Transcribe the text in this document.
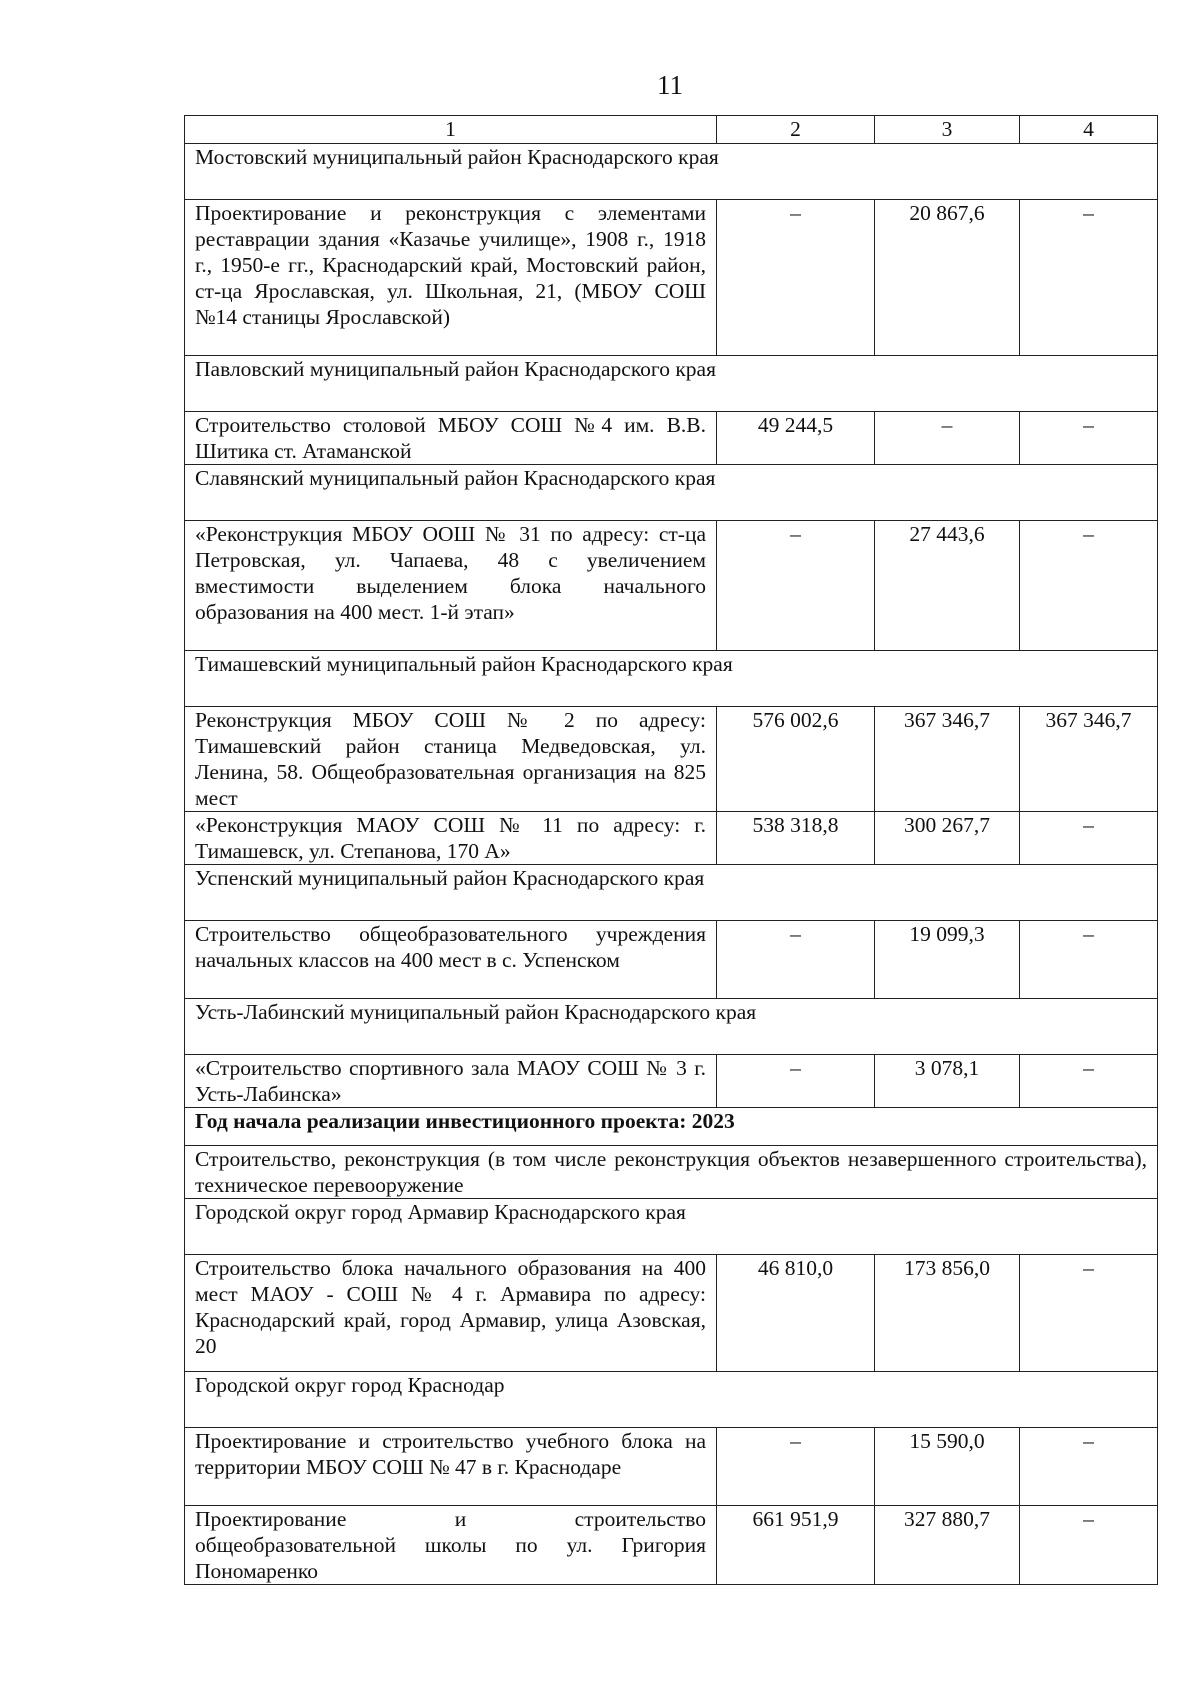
11
1	2	3	4
Мостовский муниципальный район Краснодарского края			
Проектирование и реконструкция с элементами реставрации здания «Казачье училище», 1908 г., 1918 г., 1950-е гг., Краснодарский край, Мостовский район, ст-ца Ярославская, ул. Школьная, 21, (МБОУ СОШ №14 станицы Ярославской)	–	20 867,6	–
Павловский муниципальный район Краснодарского края			
Строительство столовой МБОУ СОШ №4 им. В.В. Шитика ст. Атаманской	49 244,5	–	–
Славянский муниципальный район Краснодарского края			
«Реконструкция МБОУ ООШ № 31 по адресу: ст-ца Петровская, ул. Чапаева, 48 с увеличением вместимости выделением блока начального образования на 400 мест. 1-й этап»	–	27 443,6	–
Тимашевский муниципальный район Краснодарского края			
Реконструкция МБОУ СОШ № 2 по адресу: Тимашевский район станица Медведовская, ул. Ленина, 58. Общеобразовательная организация на 825 мест	576 002,6	367 346,7	367 346,7
«Реконструкция МАОУ СОШ № 11 по адресу: г. Тимашевск, ул. Степанова, 170 А»	538 318,8	300 267,7	–
Успенский муниципальный район Краснодарского края			
Строительство общеобразовательного учреждения начальных классов на 400 мест в с. Успенском	–	19 099,3	–
Усть-Лабинский муниципальный район Краснодарского края			
«Строительство спортивного зала МАОУ СОШ № 3 г. Усть-Лабинска»	–	3 078,1	–
Год начала реализации инвестиционного проекта: 2023			
Строительство, реконструкция (в том числе реконструкция объектов незавершенного строительства), техническое перевооружение			
Городской округ город Армавир Краснодарского края			
Строительство блока начального образования на 400 мест МАОУ - СОШ № 4 г. Армавира по адресу: Краснодарский край, город Армавир, улица Азовская, 20	46 810,0	173 856,0	–
Городской округ город Краснодар			
Проектирование и строительство учебного блока на территории МБОУ СОШ № 47 в г. Краснодаре	–	15 590,0	–
Проектирование и строительство общеобразовательной школы по ул. Григория Пономаренко	661 951,9	327 880,7	–
